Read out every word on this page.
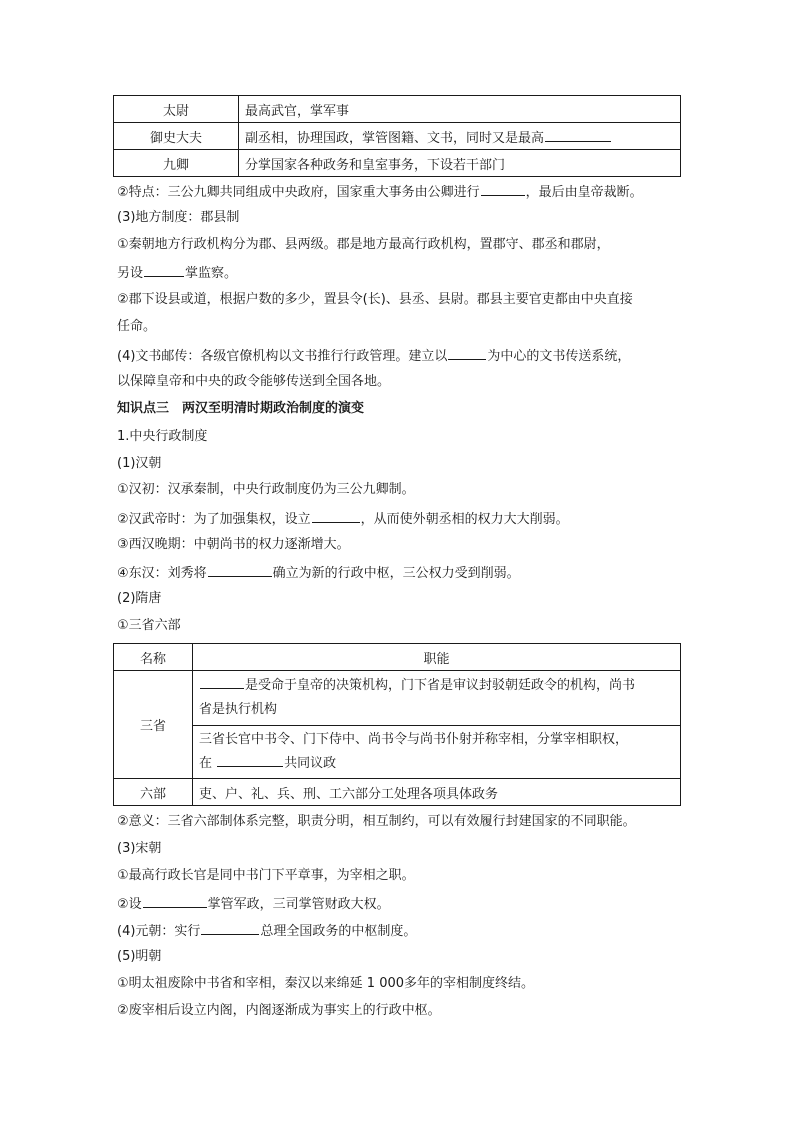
太尉	最高武官，掌军事
御史大夫	副丞相，协理国政，掌管图籍、文书，同时又是最高
九卿	分掌国家各种政务和皇室事务，下设若干部门
②特点：三公九卿共同组成中央政府，国家重大事务由公卿进行	，最后由皇帝裁断。
(3)地方制度：郡县制
①秦朝地方行政机构分为郡、县两级。郡是地方最高行政机构，置郡守、郡丞和郡尉，
另设	掌监察。
②郡下设县或道，根据户数的多少，置县令(长)、县丞、县尉。郡县主要官吏都由中央直接
任命。
(4)文书邮传：各级官僚机构以文书推行行政管理。建立以	为中心的文书传送系统，
以保障皇帝和中央的政令能够传送到全国各地。
知识点三　两汉至明清时期政治制度的演变
1.中央行政制度
(1)汉朝
①汉初：汉承秦制，中央行政制度仍为三公九卿制。
②汉武帝时：为了加强集权，设立	，从而使外朝丞相的权力大大削弱。
③西汉晚期：中朝尚书的权力逐渐增大。
④东汉：刘秀将	确立为新的行政中枢，三公权力受到削弱。
(2)隋唐
①三省六部
名称	职能
三省	是受命于皇帝的决策机构，门下省是审议封驳朝廷政令的机构，尚书
省是执行机构

	三省长官中书令、门下侍中、尚书令与尚书仆射并称宰相，分掌宰相职权，
在 共同议政

六部	吏、户、礼、兵、刑、工六部分工处理各项具体政务
②意义：三省六部制体系完整，职责分明，相互制约，可以有效履行封建国家的不同职能。
(3)宋朝
①最高行政长官是同中书门下平章事，为宰相之职。
②设	掌管军政，三司掌管财政大权。
(4)元朝：实行	总理全国政务的中枢制度。
(5)明朝
①明太祖废除中书省和宰相，秦汉以来绵延 1 000多年的宰相制度终结。
②废宰相后设立内阁，内阁逐渐成为事实上的行政中枢。
